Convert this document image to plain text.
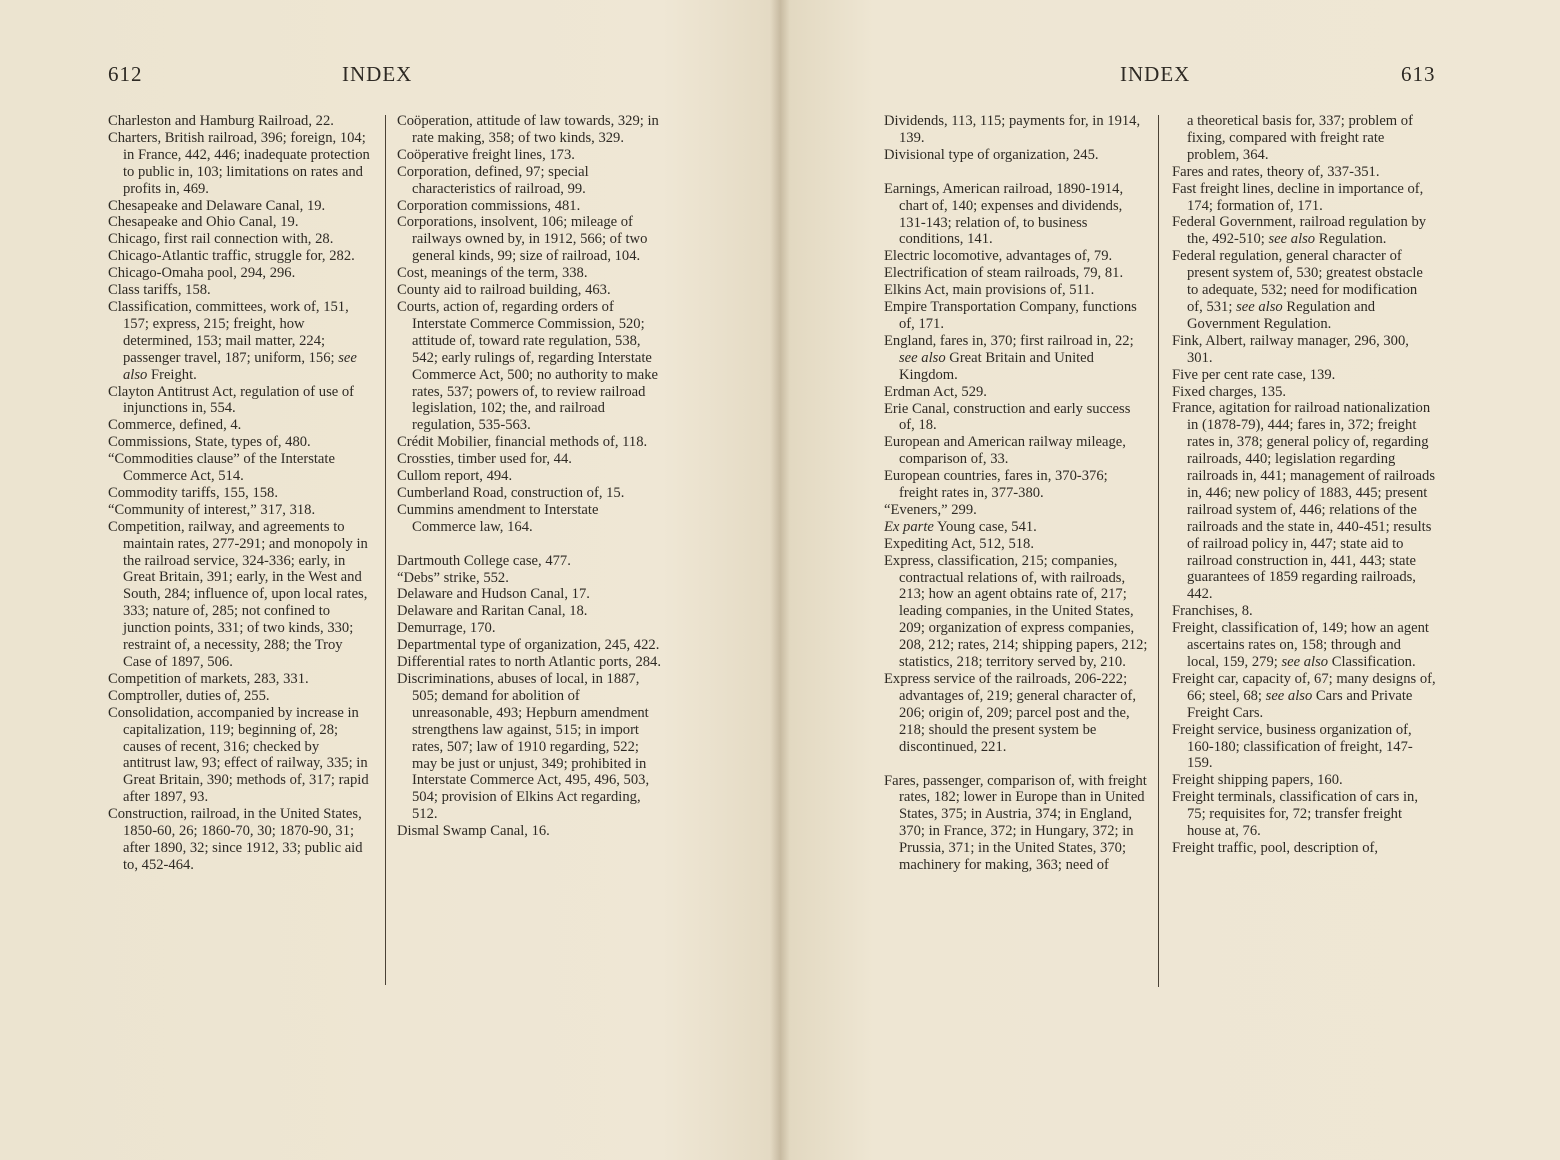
612	INDEX
Charleston and Hamburg Railroad, 22.
Charters, British railroad, 396; foreign, 104; in France, 442, 446; inadequate protection to public in, 103; limitations on rates and profits in, 469.
Chesapeake and Delaware Canal, 19.
Chesapeake and Ohio Canal, 19.
Chicago, first rail connection with, 28.
Chicago-Atlantic traffic, struggle for, 282.
Chicago-Omaha pool, 294, 296.
Class tariffs, 158.
Classification, committees, work of, 151, 157; express, 215; freight, how determined, 153; mail matter, 224; passenger travel, 187; uniform, 156; see also Freight.
Clayton Antitrust Act, regulation of use of injunctions in, 554.
Commerce, defined, 4.
Commissions, State, types of, 480.
“Commodities clause” of the Interstate Commerce Act, 514.
Commodity tariffs, 155, 158.
“Community of interest,” 317, 318.
Competition, railway, and agreements to maintain rates, 277-291; and monopoly in the railroad service, 324-336; early, in Great Britain, 391; early, in the West and South, 284; influence of, upon local rates, 333; nature of, 285; not confined to junction points, 331; of two kinds, 330; restraint of, a necessity, 288; the Troy Case of 1897, 506.
Competition of markets, 283, 331.
Comptroller, duties of, 255.
Consolidation, accompanied by increase in capitalization, 119; beginning of, 28; causes of recent, 316; checked by antitrust law, 93; effect of railway, 335; in Great Britain, 390; methods of, 317; rapid after 1897, 93.
Construction, railroad, in the United States, 1850-60, 26; 1860-70, 30; 1870-90, 31; after 1890, 32; since 1912, 33; public aid to, 452-464.
Coöperation, attitude of law towards, 329; in rate making, 358; of two kinds, 329.
Coöperative freight lines, 173.
Corporation, defined, 97; special characteristics of railroad, 99.
Corporation commissions, 481.
Corporations, insolvent, 106; mileage of railways owned by, in 1912, 566; of two general kinds, 99; size of railroad, 104.
Cost, meanings of the term, 338.
County aid to railroad building, 463.
Courts, action of, regarding orders of Interstate Commerce Commission, 520; attitude of, toward rate regulation, 538, 542; early rulings of, regarding Interstate Commerce Act, 500; no authority to make rates, 537; powers of, to review railroad legislation, 102; the, and railroad regulation, 535-563.
Crédit Mobilier, financial methods of, 118.
Crossties, timber used for, 44.
Cullom report, 494.
Cumberland Road, construction of, 15.
Cummins amendment to Interstate Commerce law, 164.
Dartmouth College case, 477.
“Debs” strike, 552.
Delaware and Hudson Canal, 17.
Delaware and Raritan Canal, 18.
Demurrage, 170.
Departmental type of organization, 245, 422.
Differential rates to north Atlantic ports, 284.
Discriminations, abuses of local, in 1887, 505; demand for abolition of unreasonable, 493; Hepburn amendment strengthens law against, 515; in import rates, 507; law of 1910 regarding, 522; may be just or unjust, 349; prohibited in Interstate Commerce Act, 495, 496, 503, 504; provision of Elkins Act regarding, 512.
Dismal Swamp Canal, 16.
INDEX	613
Dividends, 113, 115; payments for, in 1914, 139.
Divisional type of organization, 245.
Earnings, American railroad, 1890-1914, chart of, 140; expenses and dividends, 131-143; relation of, to business conditions, 141.
Electric locomotive, advantages of, 79.
Electrification of steam railroads, 79, 81.
Elkins Act, main provisions of, 511.
Empire Transportation Company, functions of, 171.
England, fares in, 370; first railroad in, 22; see also Great Britain and United Kingdom.
Erdman Act, 529.
Erie Canal, construction and early success of, 18.
European and American railway mileage, comparison of, 33.
European countries, fares in, 370-376; freight rates in, 377-380.
“Eveners,” 299.
Ex parte Young case, 541.
Expediting Act, 512, 518.
Express, classification, 215; companies, contractual relations of, with railroads, 213; how an agent obtains rate of, 217; leading companies, in the United States, 209; organization of express companies, 208, 212; rates, 214; shipping papers, 212; statistics, 218; territory served by, 210.
Express service of the railroads, 206-222; advantages of, 219; general character of, 206; origin of, 209; parcel post and the, 218; should the present system be discontinued, 221.
Fares, passenger, comparison of, with freight rates, 182; lower in Europe than in United States, 375; in Austria, 374; in England, 370; in France, 372; in Hungary, 372; in Prussia, 371; in the United States, 370; machinery for making, 363; need of
a theoretical basis for, 337; problem of fixing, compared with freight rate problem, 364.
Fares and rates, theory of, 337-351.
Fast freight lines, decline in importance of, 174; formation of, 171.
Federal Government, railroad regulation by the, 492-510; see also Regulation.
Federal regulation, general character of present system of, 530; greatest obstacle to adequate, 532; need for modification of, 531; see also Regulation and Government Regulation.
Fink, Albert, railway manager, 296, 300, 301.
Five per cent rate case, 139.
Fixed charges, 135.
France, agitation for railroad nationalization in (1878-79), 444; fares in, 372; freight rates in, 378; general policy of, regarding railroads, 440; legislation regarding railroads in, 441; management of railroads in, 446; new policy of 1883, 445; present railroad system of, 446; relations of the railroads and the state in, 440-451; results of railroad policy in, 447; state aid to railroad construction in, 441, 443; state guarantees of 1859 regarding railroads, 442.
Franchises, 8.
Freight, classification of, 149; how an agent ascertains rates on, 158; through and local, 159, 279; see also Classification.
Freight car, capacity of, 67; many designs of, 66; steel, 68; see also Cars and Private Freight Cars.
Freight service, business organization of, 160-180; classification of freight, 147-159.
Freight shipping papers, 160.
Freight terminals, classification of cars in, 75; requisites for, 72; transfer freight house at, 76.
Freight traffic, pool, description of,
